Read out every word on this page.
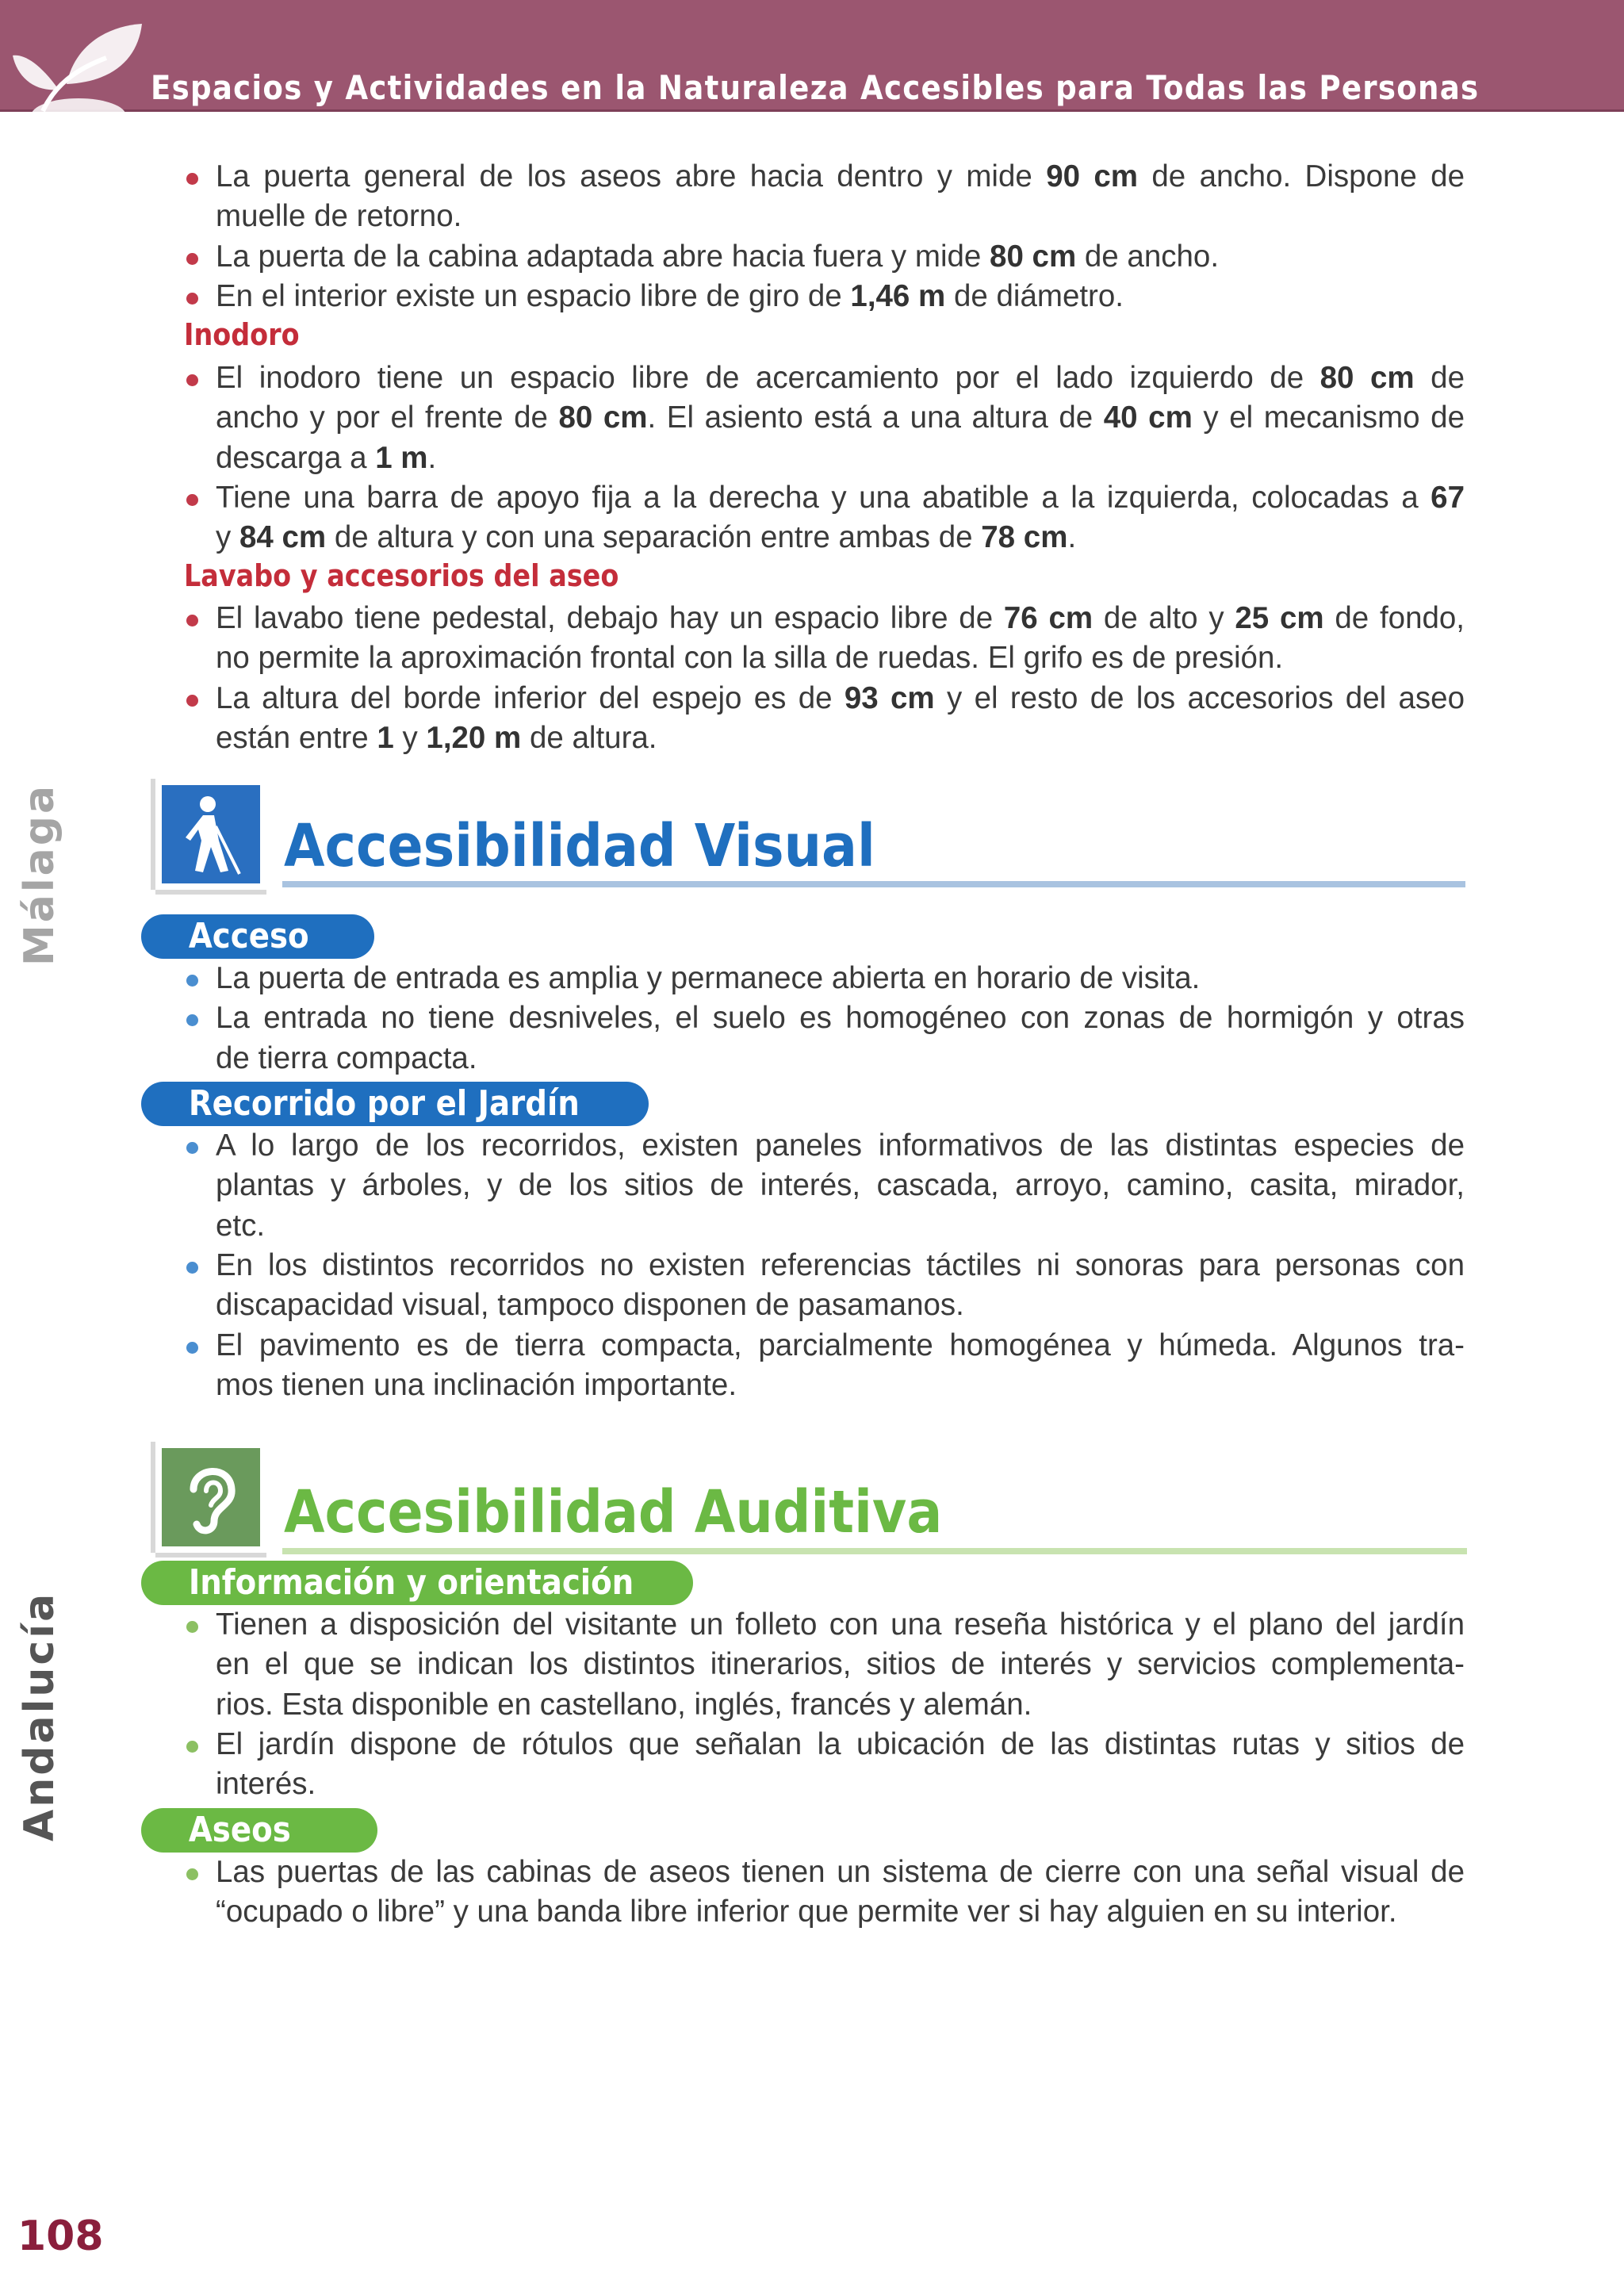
Espacios y Actividades en la Naturaleza Accesibles para Todas las Personas
Málaga
Andalucía
108
La puerta general de los aseos abre hacia dentro y mide 90 cm de ancho. Dispone de
muelle de retorno.
La puerta de la cabina adaptada abre hacia fuera y mide 80 cm de ancho.
En el interior existe un espacio libre de giro de 1,46 m de diámetro.
Inodoro
El inodoro tiene un espacio libre de acercamiento por el lado izquierdo de 80 cm de
ancho y por el frente de 80 cm. El asiento está a una altura de 40 cm y el mecanismo de
descarga a 1 m.
Tiene una barra de apoyo fija a la derecha y una abatible a la izquierda, colocadas a 67
y 84 cm de altura y con una separación entre ambas de 78 cm.
Lavabo y accesorios del aseo
El lavabo tiene pedestal, debajo hay un espacio libre de 76 cm de alto y 25 cm de fondo,
no permite la aproximación frontal con la silla de ruedas. El grifo es de presión.
La altura del borde inferior del espejo es de 93 cm y el resto de los accesorios del aseo
están entre 1 y 1,20 m de altura.
Accesibilidad Visual
Acceso
La puerta de entrada es amplia y permanece abierta en horario de visita.
La entrada no tiene desniveles, el suelo es homogéneo con zonas de hormigón y otras
de tierra compacta.
Recorrido por el Jardín
A lo largo de los recorridos, existen paneles informativos de las distintas especies de
plantas y árboles, y de los sitios de interés, cascada, arroyo, camino, casita, mirador,
etc.
En los distintos recorridos no existen referencias táctiles ni sonoras para personas con
discapacidad visual, tampoco disponen de pasamanos.
El pavimento es de tierra compacta, parcialmente homogénea y húmeda. Algunos tra-
mos tienen una inclinación importante.
Accesibilidad Auditiva
Información y orientación
Tienen a disposición del visitante un folleto con una reseña histórica y el plano del jardín
en el que se indican los distintos itinerarios, sitios de interés y servicios complementa-
rios. Esta disponible en castellano, inglés, francés y alemán.
El jardín dispone de rótulos que señalan la ubicación de las distintas rutas y sitios de
interés.
Aseos
Las puertas de las cabinas de aseos tienen un sistema de cierre con una señal visual de
“ocupado o libre” y una banda libre inferior que permite ver si hay alguien en su interior.
